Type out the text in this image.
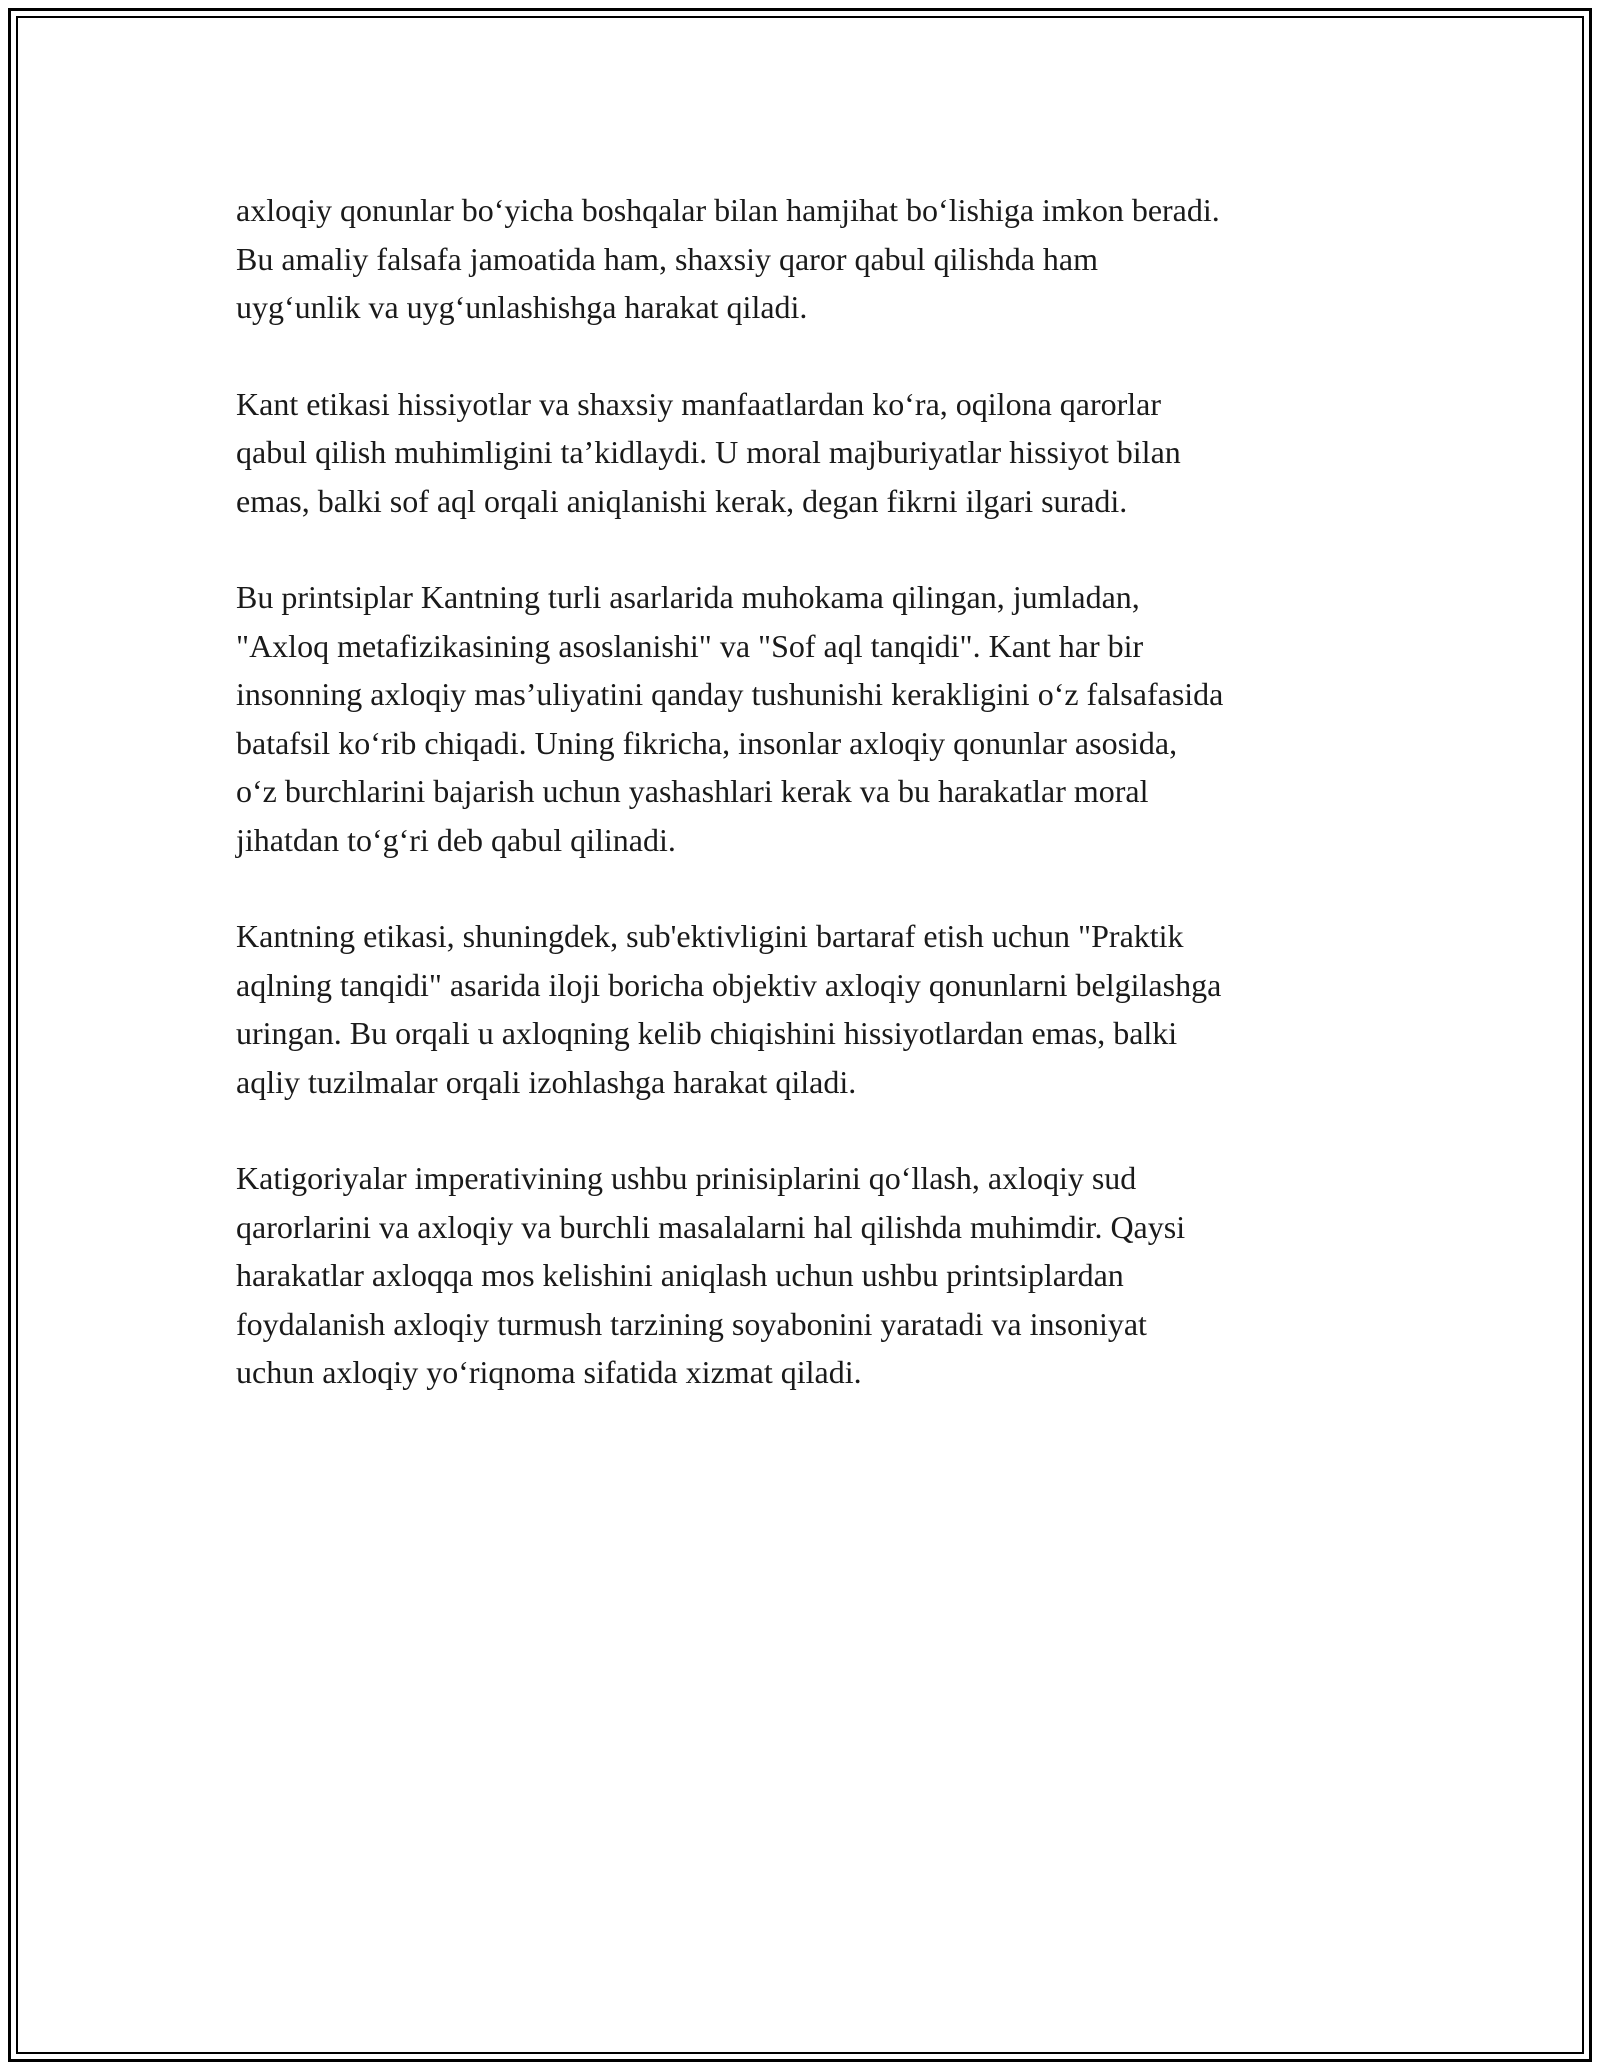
axloqiy qonunlar bo‘yicha boshqalar bilan hamjihat bo‘lishiga imkon beradi.
Bu amaliy falsafa jamoatida ham, shaxsiy qaror qabul qilishda ham
uyg‘unlik va uyg‘unlashishga harakat qiladi.

Kant etikasi hissiyotlar va shaxsiy manfaatlardan ko‘ra, oqilona qarorlar
qabul qilish muhimligini ta’kidlaydi. U moral majburiyatlar hissiyot bilan
emas, balki sof aql orqali aniqlanishi kerak, degan fikrni ilgari suradi.

Bu printsiplar Kantning turli asarlarida muhokama qilingan, jumladan,
"Axloq metafizikasining asoslanishi" va "Sof aql tanqidi". Kant har bir
insonning axloqiy mas’uliyatini qanday tushunishi kerakligini o‘z falsafasida
batafsil ko‘rib chiqadi. Uning fikricha, insonlar axloqiy qonunlar asosida,
o‘z burchlarini bajarish uchun yashashlari kerak va bu harakatlar moral
jihatdan to‘g‘ri deb qabul qilinadi.

Kantning etikasi, shuningdek, sub'ektivligini bartaraf etish uchun "Praktik
aqlning tanqidi" asarida iloji boricha objektiv axloqiy qonunlarni belgilashga
uringan. Bu orqali u axloqning kelib chiqishini hissiyotlardan emas, balki
aqliy tuzilmalar orqali izohlashga harakat qiladi.

Katigoriyalar imperativining ushbu prinisiplarini qo‘llash, axloqiy sud
qarorlarini va axloqiy va burchli masalalarni hal qilishda muhimdir. Qaysi
harakatlar axloqqa mos kelishini aniqlash uchun ushbu printsiplardan
foydalanish axloqiy turmush tarzining soyabonini yaratadi va insoniyat
uchun axloqiy yo‘riqnoma sifatida xizmat qiladi.
